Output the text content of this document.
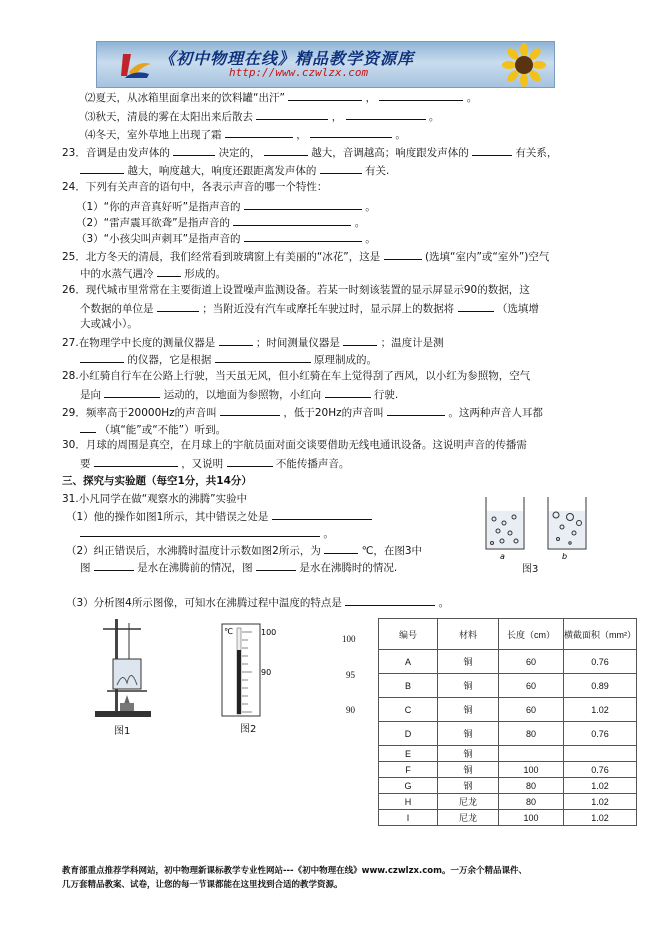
《初中物理在线》精品教学资源库
http://www.czwlzx.com
⑵夏天，从冰箱里面拿出来的饮料罐“出汗”	，	。
⑶秋天，清晨的雾在太阳出来后散去	，	。
⑷冬天，室外草地上出现了霜	，	。
23．音调是由发声体的	决定的，	越大，音调越高；响度跟发声体的	有关系，
越大，响度越大，响度还跟距离发声体的	有关.
24．下列有关声音的语句中，各表示声音的哪一个特性：
（1）“你的声音真好听”是指声音的	。
（2）“雷声震耳欲聋”是指声音的	。
（3）“小孩尖叫声刺耳”是指声音的	。
25．北方冬天的清晨，我们经常看到玻璃窗上有美丽的“冰花”，这是	(选填“室内”或“室外”)空气
中的水蒸气遇冷	形成的。
26．现代城市里常常在主要街道上设置噪声监测设备。若某一时刻该装置的显示屏显示90的数据，这
个数据的单位是	；当附近没有汽车或摩托车驶过时，显示屏上的数据将	（选填增
大或减小）。
27.在物理学中长度的测量仪器是	；时间测量仪器是	；温度计是测
的仪器，它是根据	原理制成的。
28.小红骑自行车在公路上行驶，当天虽无风，但小红骑在车上觉得刮了西风，以小红为参照物，空气
是向	运动的，以地面为参照物，小红向	行驶.
29．频率高于20000Hz的声音叫	，低于20Hz的声音叫	。这两种声音人耳都
（填“能”或“不能”）听到。
30．月球的周围是真空，在月球上的宇航员面对面交谈要借助无线电通讯设备。这说明声音的传播需
要	，又说明	不能传播声音。
三、探究与实验题（每空1分，共14分）
31.小凡同学在做“观察水的沸腾”实验中
（1）他的操作如图1所示，其中错误之处是
。
（2）纠正错误后，水沸腾时温度计示数如图2所示，为	℃，在图3中
图	是水在沸腾前的情况，图	是水在沸腾时的情况.
（3）分析图4所示图像，可知水在沸腾过程中温度的特点是	。
a	b
图3
图1
℃	100
90
图2
100
95
90
编号	材料	长度（cm）	横截面积（mm²）
A	铜	60	0.76
B	铜	60	0.89
C	铜	60	1.02
D	铜	80	0.76
E	铜		
F	铜	100	0.76
G	钢	80	1.02
H	尼龙	80	1.02
I	尼龙	100	1.02
教育部重点推荐学科网站，初中物理新课标教学专业性网站---《初中物理在线》www.czwlzx.com。一万余个精品课件、
几万套精品教案、试卷，让您的每一节课都能在这里找到合适的教学资源。
